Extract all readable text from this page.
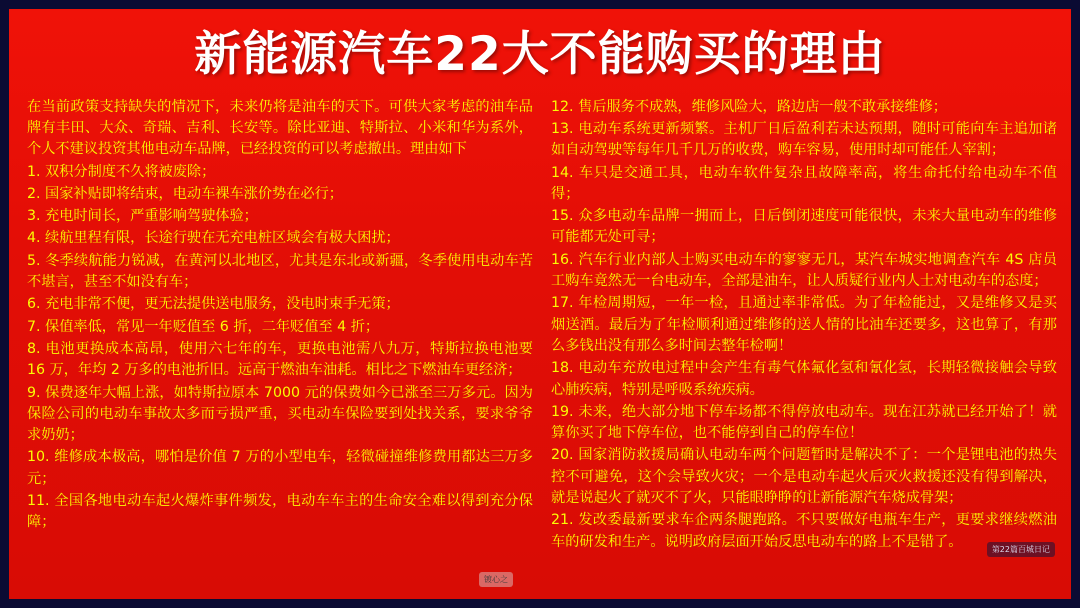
新能源汽车22大不能购买的理由

在当前政策支持缺失的情况下，未来仍将是油车的天下。可供大家考虑的油车品牌有丰田、大众、奇瑞、吉利、长安等。除比亚迪、特斯拉、小米和华为系外，个人不建议投资其他电动车品牌，已经投资的可以考虑撤出。理由如下

1. 双积分制度不久将被废除；

2. 国家补贴即将结束，电动车裸车涨价势在必行；

3. 充电时间长，严重影响驾驶体验；

4. 续航里程有限，长途行驶在无充电桩区域会有极大困扰；

5. 冬季续航能力锐减，在黄河以北地区，尤其是东北或新疆，冬季使用电动车苦不堪言，甚至不如没有车；

6. 充电非常不便，更无法提供送电服务，没电时束手无策；

7. 保值率低，常见一年贬值至 6 折，二年贬值至 4 折；

8. 电池更换成本高昂，使用六七年的车，更换电池需八九万，特斯拉换电池要 16 万，年均 2 万多的电池折旧。远高于燃油车油耗。相比之下燃油车更经济；

9. 保费逐年大幅上涨，如特斯拉原本 7000 元的保费如今已涨至三万多元。因为保险公司的电动车事故太多而亏损严重，买电动车保险要到处找关系，要求爷爷求奶奶；

10. 维修成本极高，哪怕是价值 7 万的小型电车，轻微碰撞维修费用都达三万多元；

11. 全国各地电动车起火爆炸事件频发，电动车车主的生命安全难以得到充分保障；

12. 售后服务不成熟，维修风险大，路边店一般不敢承接维修；

13. 电动车系统更新频繁。主机厂日后盈利若未达预期，随时可能向车主追加诸如自动驾驶等每年几千几万的收费，购车容易，使用时却可能任人宰割；

14. 车只是交通工具，电动车软件复杂且故障率高，将生命托付给电动车不值得；

15. 众多电动车品牌一拥而上，日后倒闭速度可能很快，未来大量电动车的维修可能都无处可寻；

16. 汽车行业内部人士购买电动车的寥寥无几，某汽车城实地调查汽车 4S 店员工购车竟然无一台电动车，全部是油车，让人质疑行业内人士对电动车的态度；

17. 年检周期短，一年一检，且通过率非常低。为了年检能过，又是维修又是买烟送酒。最后为了年检顺利通过维修的送人情的比油车还要多，这也算了，有那么多钱出没有那么多时间去整年检啊！

18. 电动车充放电过程中会产生有毒气体氟化氢和氰化氢，长期轻微接触会导致心肺疾病，特别是呼吸系统疾病。

19. 未来，绝大部分地下停车场都不得停放电动车。现在江苏就已经开始了！就算你买了地下停车位，也不能停到自己的停车位！

20. 国家消防救援局确认电动车两个问题暂时是解决不了：一个是锂电池的热失控不可避免，这个会导致火灾；一个是电动车起火后灭火救援还没有得到解决，就是说起火了就灭不了火，只能眼睁睁的让新能源汽车烧成骨架；

21. 发改委最新要求车企两条腿跑路。不只要做好电瓶车生产，更要求继续燃油车的研发和生产。说明政府层面开始反思电动车的路上不是错了。	第22篇百城日记
镀心之
